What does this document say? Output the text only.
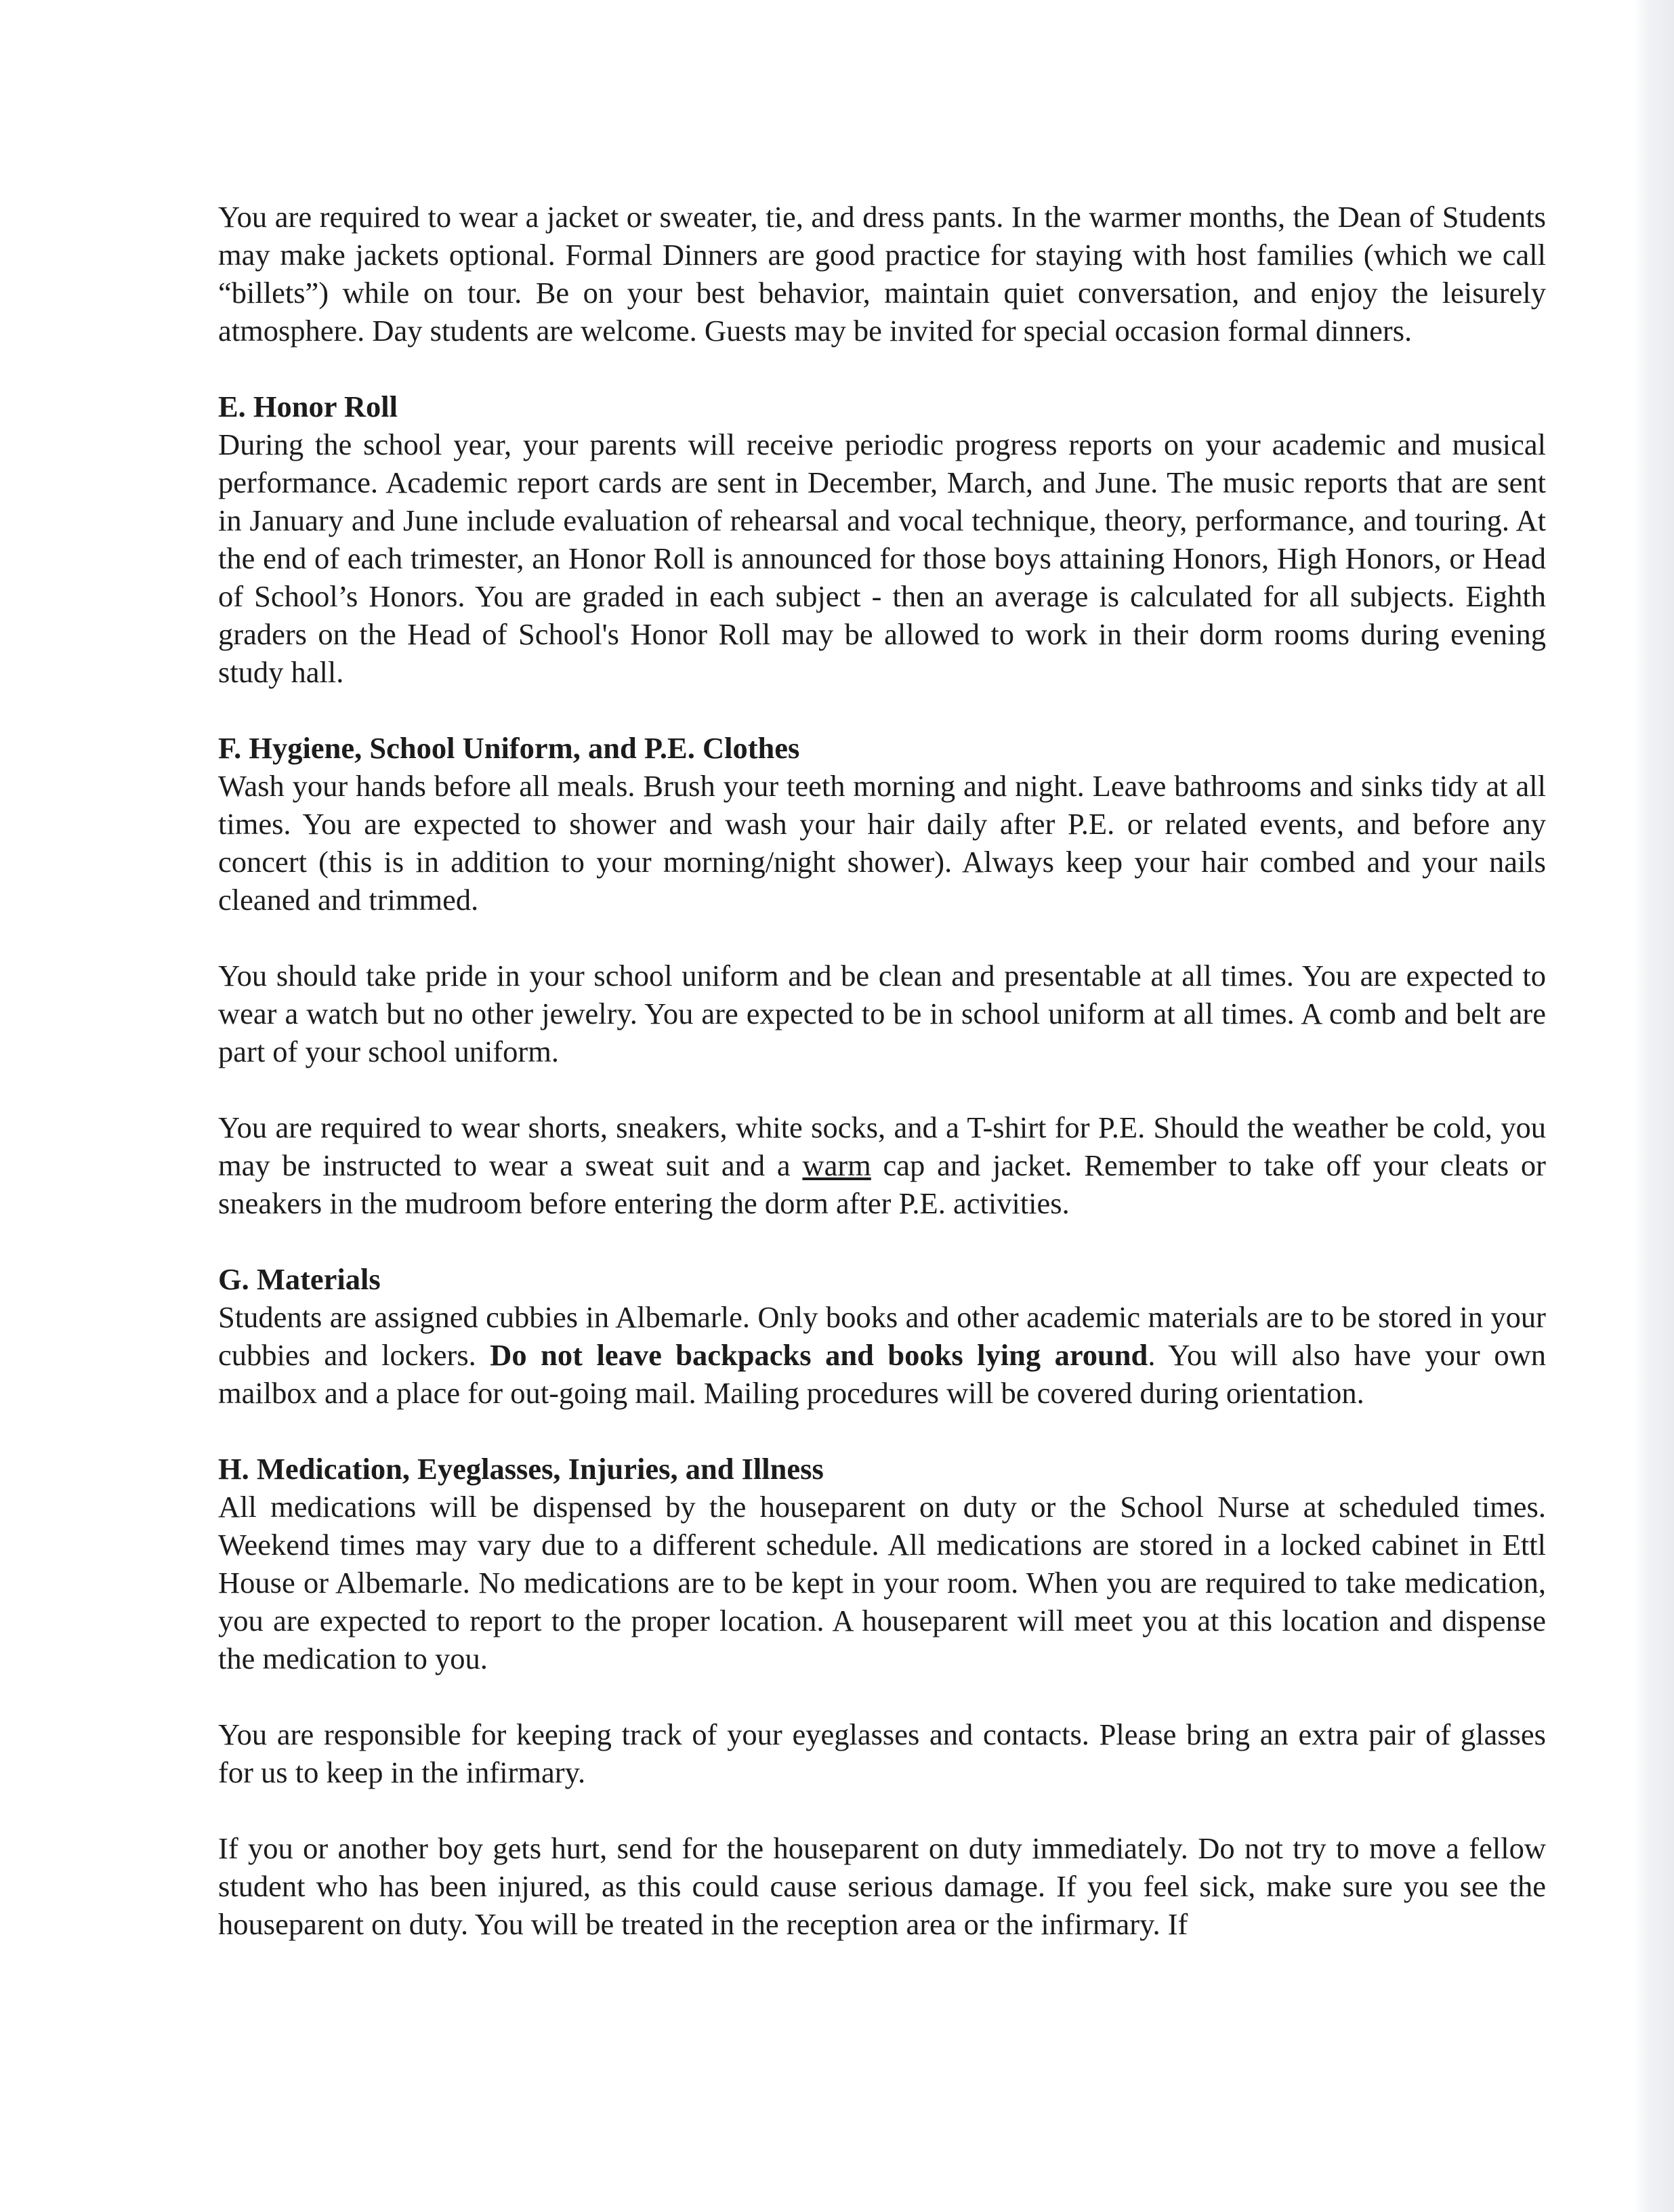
You are required to wear a jacket or sweater, tie, and dress pants. In the warmer months, the Dean of Students may make jackets optional. Formal Dinners are good practice for staying with host families (which we call “billets”) while on tour. Be on your best behavior, maintain quiet conversation, and enjoy the leisurely atmosphere. Day students are welcome. Guests may be invited for special occasion formal dinners.

E. Honor Roll

During the school year, your parents will receive periodic progress reports on your academic and musical performance. Academic report cards are sent in December, March, and June. The music reports that are sent in January and June include evaluation of rehearsal and vocal technique, theory, performance, and touring. At the end of each trimester, an Honor Roll is announced for those boys attaining Honors, High Honors, or Head of School’s Honors. You are graded in each subject - then an average is calculated for all subjects. Eighth graders on the Head of School's Honor Roll may be allowed to work in their dorm rooms during evening study hall.

F. Hygiene, School Uniform, and P.E. Clothes

Wash your hands before all meals. Brush your teeth morning and night. Leave bathrooms and sinks tidy at all times. You are expected to shower and wash your hair daily after P.E. or related events, and before any concert (this is in addition to your morning/night shower). Always keep your hair combed and your nails cleaned and trimmed.

You should take pride in your school uniform and be clean and presentable at all times. You are expected to wear a watch but no other jewelry. You are expected to be in school uniform at all times. A comb and belt are part of your school uniform.

You are required to wear shorts, sneakers, white socks, and a T-shirt for P.E. Should the weather be cold, you may be instructed to wear a sweat suit and a warm cap and jacket. Remember to take off your cleats or sneakers in the mudroom before entering the dorm after P.E. activities.

G. Materials

Students are assigned cubbies in Albemarle. Only books and other academic materials are to be stored in your cubbies and lockers. Do not leave backpacks and books lying around. You will also have your own mailbox and a place for out-going mail. Mailing procedures will be covered during orientation.

H. Medication, Eyeglasses, Injuries, and Illness

All medications will be dispensed by the houseparent on duty or the School Nurse at scheduled times. Weekend times may vary due to a different schedule. All medications are stored in a locked cabinet in Ettl House or Albemarle. No medications are to be kept in your room. When you are required to take medication, you are expected to report to the proper location. A houseparent will meet you at this location and dispense the medication to you.

You are responsible for keeping track of your eyeglasses and contacts. Please bring an extra pair of glasses for us to keep in the infirmary.

If you or another boy gets hurt, send for the houseparent on duty immediately. Do not try to move a fellow student who has been injured, as this could cause serious damage. If you feel sick, make sure you see the houseparent on duty. You will be treated in the reception area or the infirmary. If
